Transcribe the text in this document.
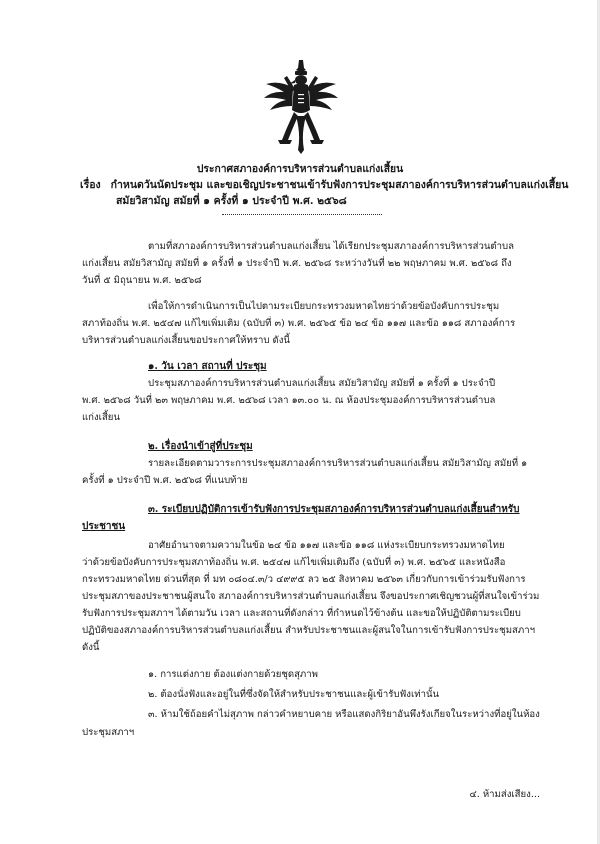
ประกาศสภาองค์การบริหารส่วนตำบลแก่งเสี้ยน
เรื่อง กำหนดวันนัดประชุม และขอเชิญประชาชนเข้ารับฟังการประชุมสภาองค์การบริหารส่วนตำบลแก่งเสี้ยน
สมัยวิสามัญ สมัยที่ ๑ ครั้งที่ ๑ ประจำปี พ.ศ. ๒๕๖๘
ตามที่สภาองค์การบริหารส่วนตำบลแก่งเสี้ยน ได้เรียกประชุมสภาองค์การบริหารส่วนตำบล
แก่งเสี้ยน สมัยวิสามัญ สมัยที่ ๑ ครั้งที่ ๑ ประจำปี พ.ศ. ๒๕๖๘ ระหว่างวันที่ ๒๒ พฤษภาคม พ.ศ. ๒๕๖๘ ถึง
วันที่ ๕ มิถุนายน พ.ศ. ๒๕๖๘
เพื่อให้การดำเนินการเป็นไปตามระเบียบกระทรวงมหาดไทยว่าด้วยข้อบังคับการประชุม
สภาท้องถิ่น พ.ศ. ๒๕๔๗ แก้ไขเพิ่มเติม (ฉบับที่ ๓) พ.ศ. ๒๕๖๕ ข้อ ๒๔ ข้อ ๑๑๗ และข้อ ๑๑๘ สภาองค์การ
บริหารส่วนตำบลแก่งเสี้ยนขอประกาศให้ทราบ ดังนี้
๑. วัน เวลา สถานที่ ประชุม
ประชุมสภาองค์การบริหารส่วนตำบลแก่งเสี้ยน สมัยวิสามัญ สมัยที่ ๑ ครั้งที่ ๑ ประจำปี
พ.ศ. ๒๕๖๘ วันที่ ๒๓ พฤษภาคม พ.ศ. ๒๕๖๘ เวลา ๑๓.๐๐ น. ณ ห้องประชุมองค์การบริหารส่วนตำบล
แก่งเสี้ยน
๒. เรื่องนำเข้าสู่ที่ประชุม
รายละเอียดตามวาระการประชุมสภาองค์การบริหารส่วนตำบลแก่งเสี้ยน สมัยวิสามัญ สมัยที่ ๑
ครั้งที่ ๑ ประจำปี พ.ศ. ๒๕๖๘ ที่แนบท้าย
๓. ระเบียบปฏิบัติการเข้ารับฟังการประชุมสภาองค์การบริหารส่วนตำบลแก่งเสี้ยนสำหรับ
ประชาชน
อาศัยอำนาจตามความในข้อ ๒๔ ข้อ ๑๑๗ และข้อ ๑๑๘ แห่งระเบียบกระทรวงมหาดไทย
ว่าด้วยข้อบังคับการประชุมสภาท้องถิ่น พ.ศ. ๒๕๔๗ แก้ไขเพิ่มเติมถึง (ฉบับที่ ๓) พ.ศ. ๒๕๖๕ และหนังสือ
กระทรวงมหาดไทย ด่วนที่สุด ที่ มท ๐๘๐๔.๓/ว ๔๙๙๕ ลว ๒๕ สิงหาคม ๒๕๖๓ เกี่ยวกับการเข้าร่วมรับฟังการ
ประชุมสภาของประชาชนผู้สนใจ สภาองค์การบริหารส่วนตำบลแก่งเสี้ยน จึงขอประกาศเชิญชวนผู้ที่สนใจเข้าร่วม
รับฟังการประชุมสภาฯ ได้ตามวัน เวลา และสถานที่ดังกล่าว ที่กำหนดไว้ข้างต้น และขอให้ปฏิบัติตามระเบียบ
ปฏิบัติของสภาองค์การบริหารส่วนตำบลแก่งเสี้ยน สำหรับประชาชนและผู้สนใจในการเข้ารับฟังการประชุมสภาฯ
ดังนี้
๑. การแต่งกาย ต้องแต่งกายด้วยชุดสุภาพ
๒. ต้องนั่งฟังและอยู่ในที่ซึ่งจัดให้สำหรับประชาชนและผู้เข้ารับฟังเท่านั้น
๓. ห้ามใช้ถ้อยคำไม่สุภาพ กล่าวคำหยาบคาย หรือแสดงกิริยาอันพึงรังเกียจในระหว่างที่อยู่ในห้อง
ประชุมสภาฯ
๔. ห้ามส่งเสียง...
